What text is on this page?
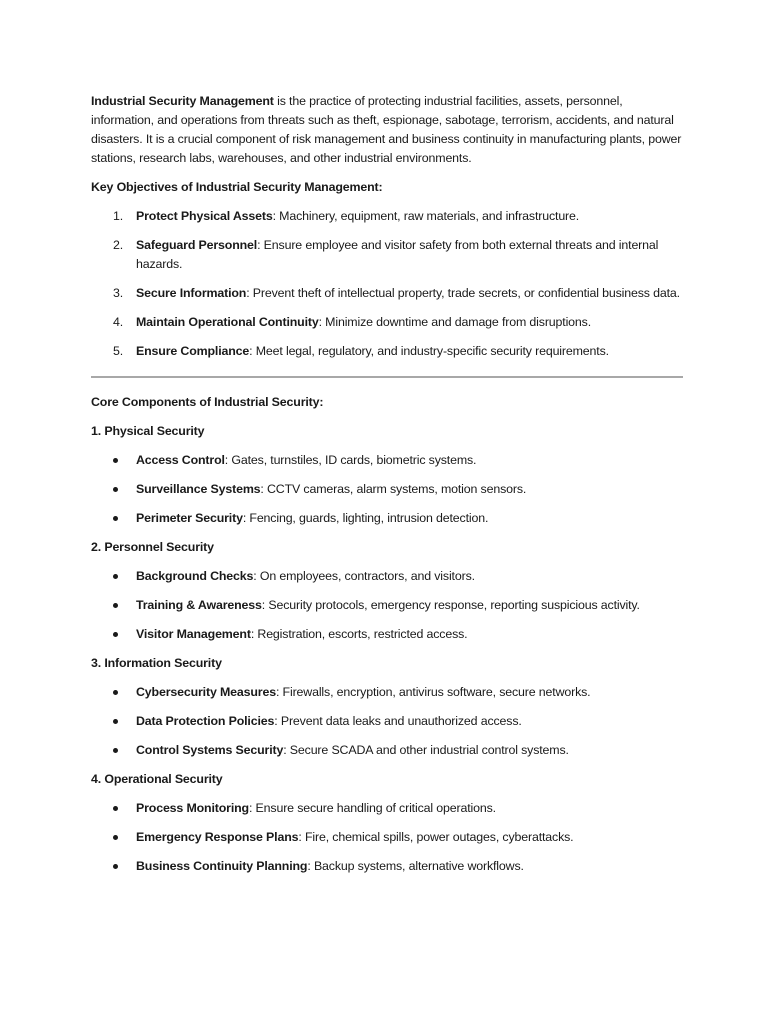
Industrial Security Management is the practice of protecting industrial facilities, assets, personnel, information, and operations from threats such as theft, espionage, sabotage, terrorism, accidents, and natural disasters. It is a crucial component of risk management and business continuity in manufacturing plants, power stations, research labs, warehouses, and other industrial environments.

Key Objectives of Industrial Security Management:

1. Protect Physical Assets: Machinery, equipment, raw materials, and infrastructure.
2. Safeguard Personnel: Ensure employee and visitor safety from both external threats and internal hazards.
3. Secure Information: Prevent theft of intellectual property, trade secrets, or confidential business data.
4. Maintain Operational Continuity: Minimize downtime and damage from disruptions.
5. Ensure Compliance: Meet legal, regulatory, and industry-specific security requirements.

Core Components of Industrial Security:

1. Physical Security

Access Control: Gates, turnstiles, ID cards, biometric systems.
Surveillance Systems: CCTV cameras, alarm systems, motion sensors.
Perimeter Security: Fencing, guards, lighting, intrusion detection.

2. Personnel Security

Background Checks: On employees, contractors, and visitors.
Training & Awareness: Security protocols, emergency response, reporting suspicious activity.
Visitor Management: Registration, escorts, restricted access.

3. Information Security

Cybersecurity Measures: Firewalls, encryption, antivirus software, secure networks.
Data Protection Policies: Prevent data leaks and unauthorized access.
Control Systems Security: Secure SCADA and other industrial control systems.

4. Operational Security

Process Monitoring: Ensure secure handling of critical operations.
Emergency Response Plans: Fire, chemical spills, power outages, cyberattacks.
Business Continuity Planning: Backup systems, alternative workflows.
